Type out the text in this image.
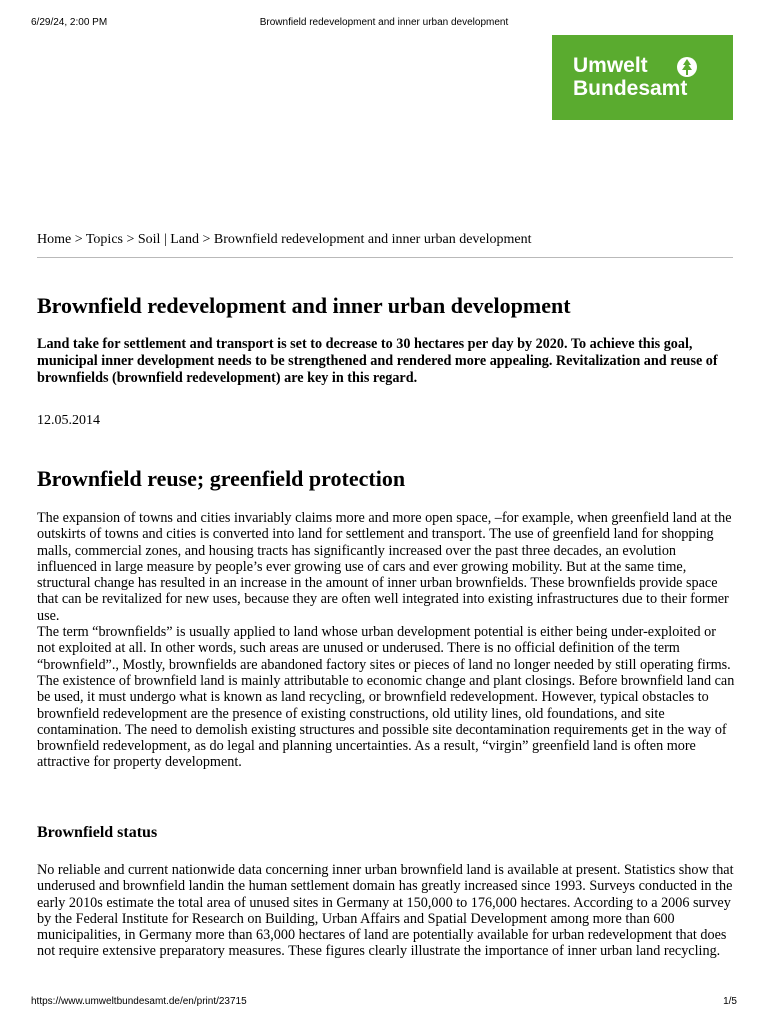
6/29/24, 2:00 PM	Brownfield redevelopment and inner urban development
Umwelt
Bundesamt
Home > Topics > Soil | Land > Brownfield redevelopment and inner urban development
Brownfield redevelopment and inner urban development

Land take for settlement and transport is set to decrease to 30 hectares per day by 2020. To achieve this goal, municipal inner development needs to be strengthened and rendered more appealing. Revitalization and reuse of brownfields (brownfield redevelopment) are key in this regard.

12.05.2014
Brownfield reuse; greenfield protection

The expansion of towns and cities invariably claims more and more open space, –for example, when greenfield land at the outskirts of towns and cities is converted into land for settlement and transport. The use of greenfield land for shopping malls, commercial zones, and housing tracts has significantly increased over the past three decades, an evolution influenced in large measure by people’s ever growing use of cars and ever growing mobility. But at the same time, structural change has resulted in an increase in the amount of inner urban brownfields. These brownfields provide space that can be revitalized for new uses, because they are often well integrated into existing infrastructures due to their former use.

The term “brownfields” is usually applied to land whose urban development potential is either being under-exploited or not exploited at all. In other words, such areas are unused or underused. There is no official definition of the term “brownfield”., Mostly, brownfields are abandoned factory sites or pieces of land no longer needed by still operating firms. The existence of brownfield land is mainly attributable to economic change and plant closings. Before brownfield land can be used, it must undergo what is known as land recycling, or brownfield redevelopment. However, typical obstacles to brownfield redevelopment are the presence of existing constructions, old utility lines, old foundations, and site contamination. The need to demolish existing structures and possible site decontamination requirements get in the way of brownfield redevelopment, as do legal and planning uncertainties. As a result, “virgin” greenfield land is often more attractive for property development.

Brownfield status

No reliable and current nationwide data concerning inner urban brownfield land is available at present. Statistics show that underused and brownfield landin the human settlement domain has greatly increased since 1993. Surveys conducted in the early 2010s estimate the total area of unused sites in Germany at 150,000 to 176,000 hectares. According to a 2006 survey by the Federal Institute for Research on Building, Urban Affairs and Spatial Development among more than 600 municipalities, in Germany more than 63,000 hectares of land are potentially available for urban redevelopment that does not require extensive preparatory measures. These figures clearly illustrate the importance of inner urban land recycling.

https://www.umweltbundesamt.de/en/print/23715	1/5
